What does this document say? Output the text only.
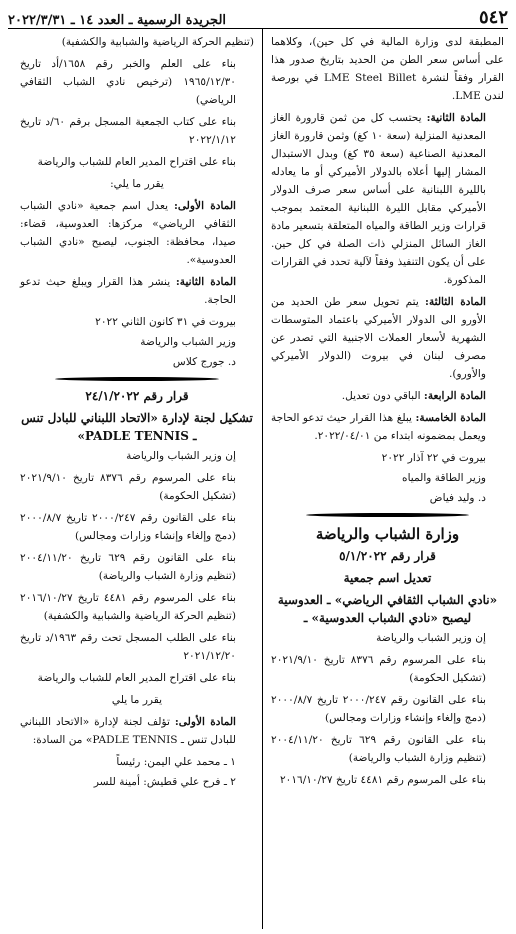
٥٤٢
الجريدة الرسمية ـ العدد ١٤ ـ ٢٠٢٢/٣/٣١

المطبقة لدى وزارة المالية في كل حين)، وكلاهما على أساس سعر الطن من الحديد بتاريخ صدور هذا القرار وفقاً لنشرة LME Steel Billet في بورصة لندن LME.

المادة الثانية: يحتسب كل من ثمن قارورة الغاز المعدنية المنزلية (سعة ١٠ كغ) وثمن قارورة الغاز المعدنية الصناعية (سعة ٣٥ كغ) وبدل الاستبدال المشار إليها أعلاه بالدولار الأميركي أو ما يعادله بالليرة اللبنانية على أساس سعر صرف الدولار الأميركي مقابل الليرة اللبنانية المعتمد بموجب قرارات وزير الطاقة والمياه المتعلقة بتسعير مادة الغاز السائل المنزلي ذات الصلة في كل حين. على أن يكون التنفيذ وفقاً لآلية تحدد في القرارات المذكورة.

المادة الثالثة: يتم تحويل سعر طن الحديد من الأورو الى الدولار الأميركي باعتماد المتوسطات الشهرية لأسعار العملات الاجنبية التي تصدر عن مصرف لبنان في بيروت (الدولار الأميركي والأورو).

المادة الرابعة: الباقي دون تعديل.

المادة الخامسة: يبلغ هذا القرار حيث تدعو الحاجة ويعمل بمضمونه ابتداء من ٢٠٢٢/٠٤/٠١.

بيروت في ٢٢ آذار ٢٠٢٢

وزير الطاقة والمياه

د. وليد فياض

وزارة الشباب والرياضة
قرار رقم ٥/١/٢٠٢٢
تعديل اسم جمعية
«نادي الشباب الثقافي الرياضي» ـ العدوسية ليصبح «نادي الشباب العدوسية» ـ

إن وزير الشباب والرياضة

بناء على المرسوم رقم ٨٣٧٦ تاريخ ٢٠٢١/٩/١٠ (تشكيل الحكومة)

بناء على القانون رقم ٢٠٠٠/٢٤٧ تاريخ ٢٠٠٠/٨/٧ (دمج وإلغاء وإنشاء وزارات ومجالس)

بناء على القانون رقم ٦٢٩ تاريخ ٢٠٠٤/١١/٢٠ (تنظيم وزارة الشباب والرياضة)

بناء على المرسوم رقم ٤٤٨١ تاريخ ٢٠١٦/١٠/٢٧

(تنظيم الحركة الرياضية والشبابية والكشفية)

بناء على العلم والخبر رقم ١٦٥٨/أد تاريخ ١٩٦٥/١٢/٣٠ (ترخيص نادي الشباب الثقافي الرياضي)

بناء على كتاب الجمعية المسجل برقم ٦٠/د تاريخ ٢٠٢٢/١/١٢

بناء على اقتراح المدير العام للشباب والرياضة

يقرر ما يلي:

المادة الأولى: يعدل اسم جمعية «نادي الشباب الثقافي الرياضي» مركزها: العدوسية، قضاء: صيدا، محافظة: الجنوب، ليصبح «نادي الشباب العدوسية».

المادة الثانية: ينشر هذا القرار ويبلغ حيث تدعو الحاجة.

بيروت في ٣١ كانون الثاني ٢٠٢٢

وزير الشباب والرياضة

د. جورج كلاس

قرار رقم ٢٤/١/٢٠٢٢
تشكيل لجنة لإدارة «الاتحاد اللبناني للبادل تنس ـ PADLE TENNIS»

إن وزير الشباب والرياضة

بناء على المرسوم رقم ٨٣٧٦ تاريخ ٢٠٢١/٩/١٠ (تشكيل الحكومة)

بناء على القانون رقم ٢٠٠٠/٢٤٧ تاريخ ٢٠٠٠/٨/٧ (دمج وإلغاء وإنشاء وزارات ومجالس)

بناء على القانون رقم ٦٢٩ تاريخ ٢٠٠٤/١١/٢٠ (تنظيم وزارة الشباب والرياضة)

بناء على المرسوم رقم ٤٤٨١ تاريخ ٢٠١٦/١٠/٢٧ (تنظيم الحركة الرياضية والشبابية والكشفية)

بناء على الطلب المسجل تحت رقم ١٩٦٣/د تاريخ ٢٠٢١/١٢/٢٠

بناء على اقتراح المدير العام للشباب والرياضة

يقرر ما يلي

المادة الأولى: تؤلف لجنة لإدارة «الاتحاد اللبناني للبادل تنس ـ PADLE TENNIS» من السادة:

١ ـ محمد علي اليمن: رئيساً

٢ ـ فرح علي قطيش: أمينة للسر
